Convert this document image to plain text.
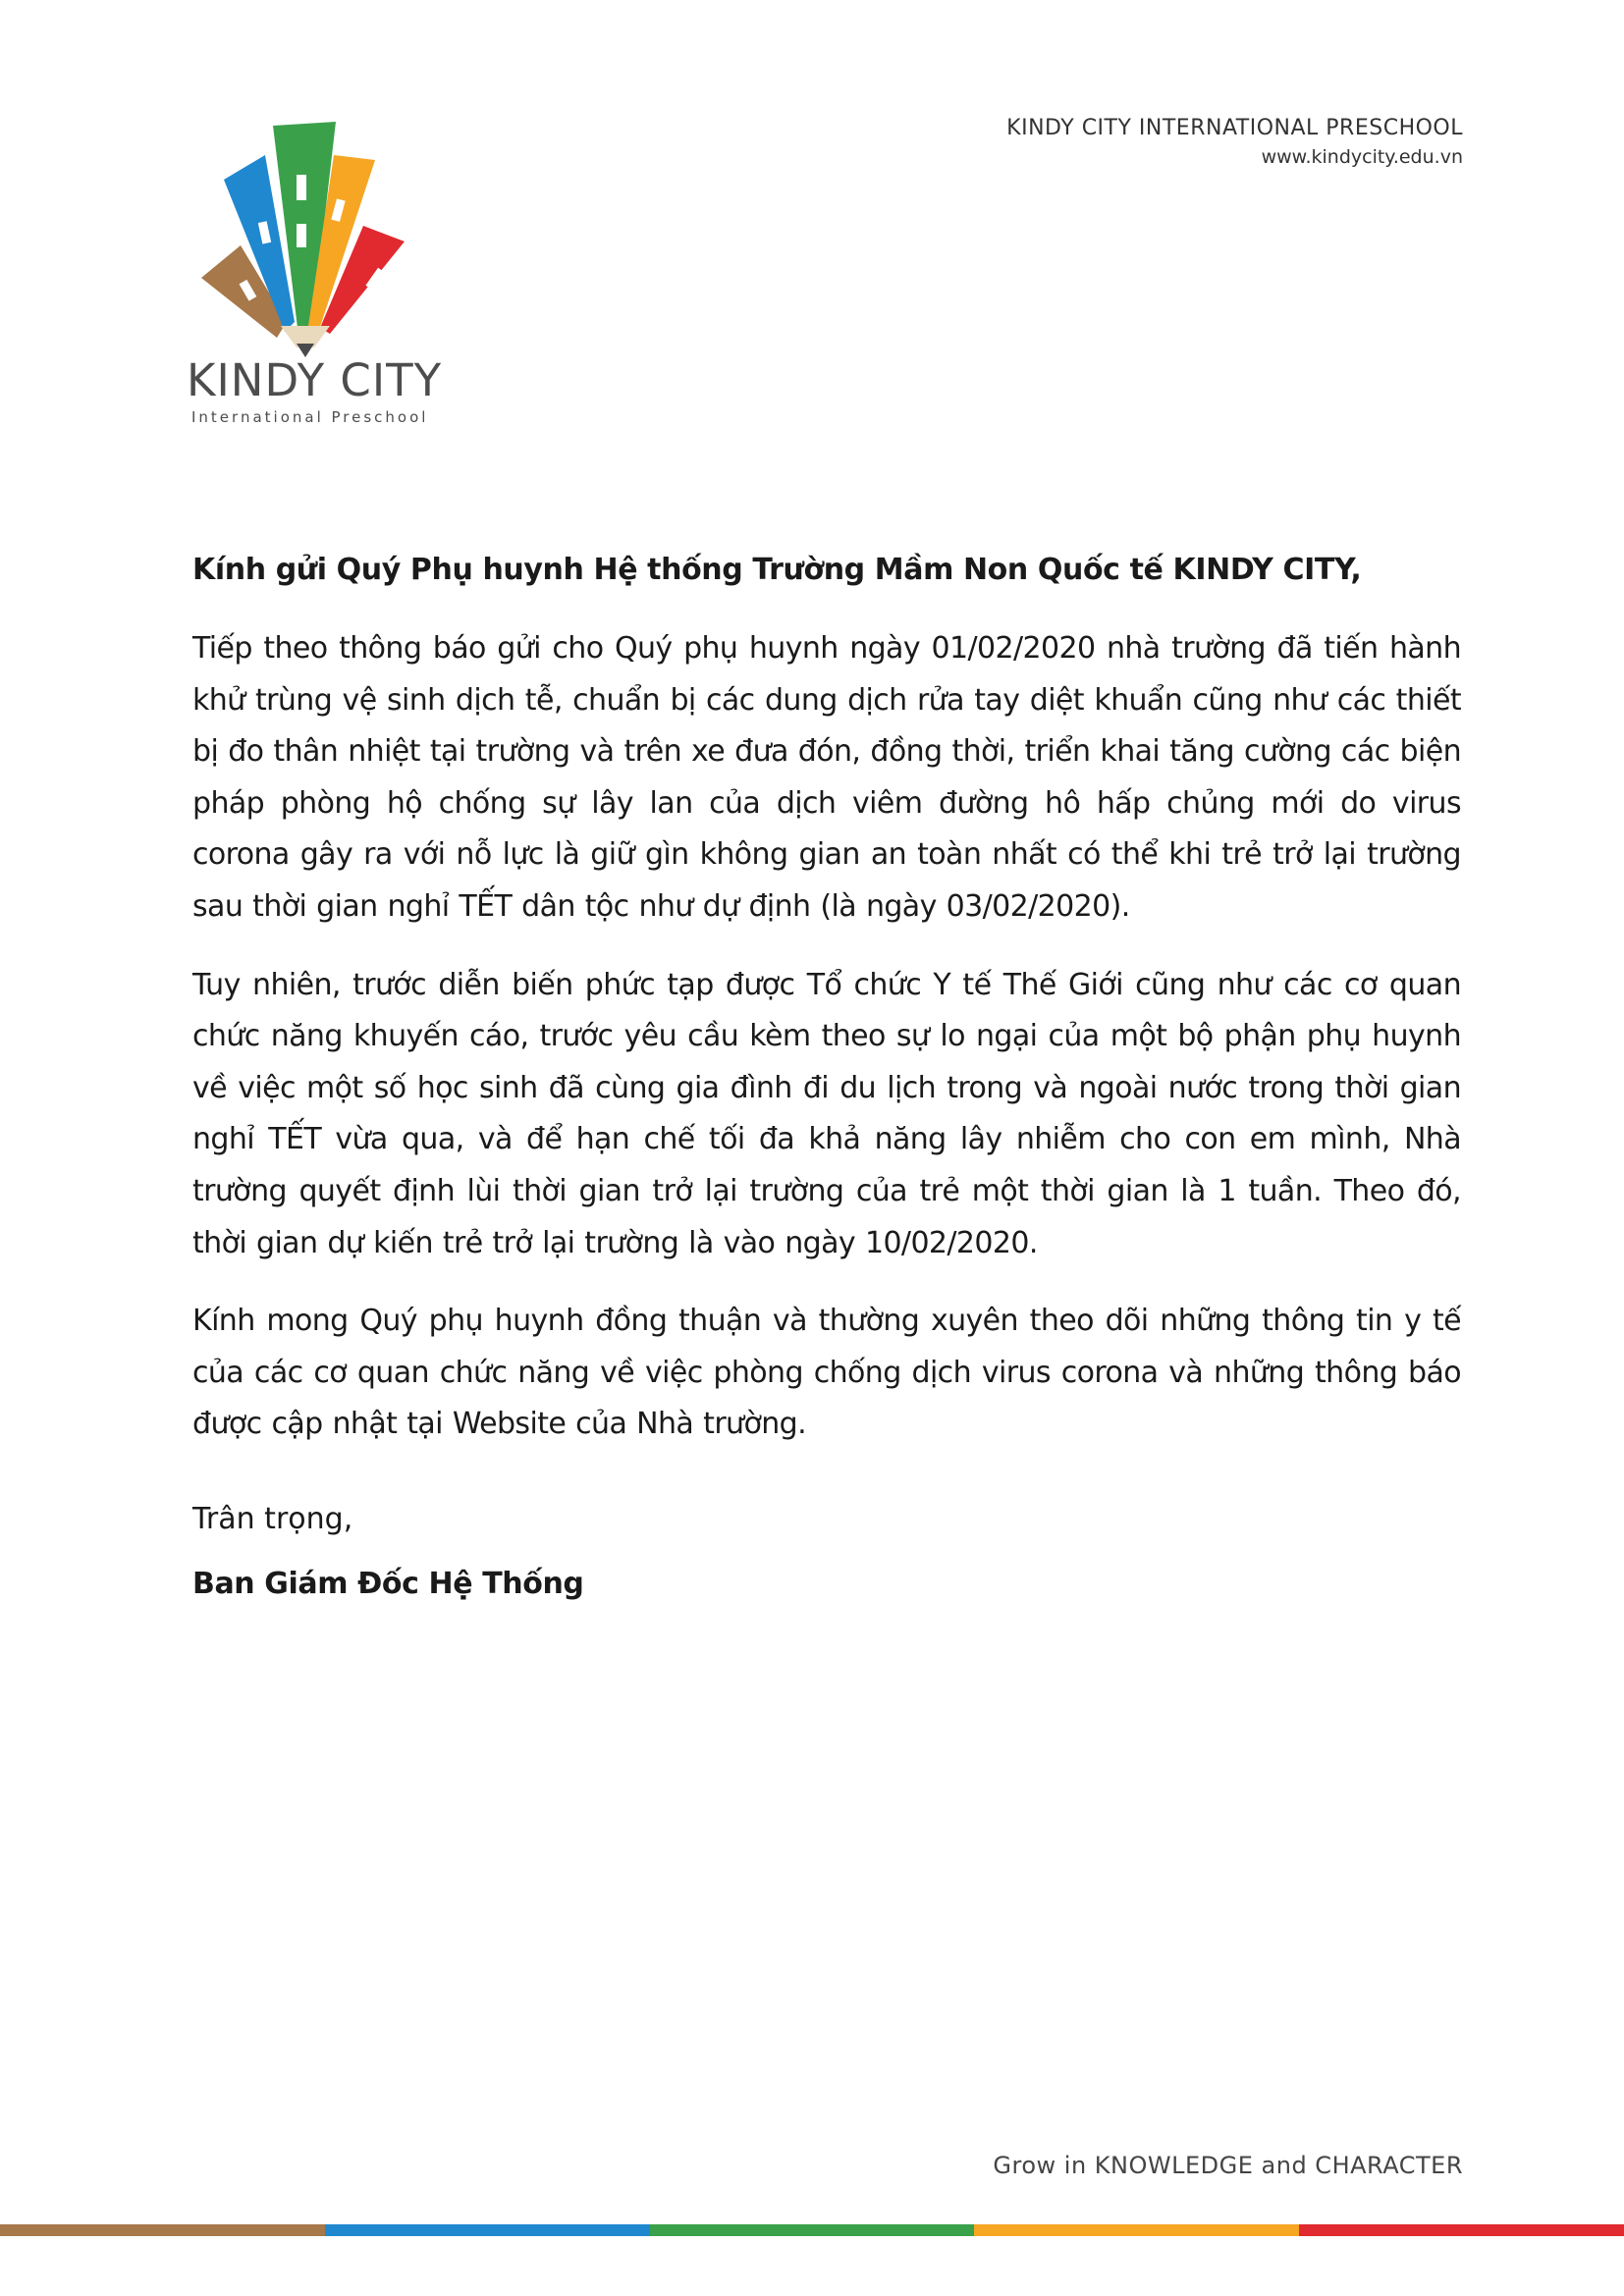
KINDY CITY
International Preschool
KINDY CITY INTERNATIONAL PRESCHOOL
www.kindycity.edu.vn
Kính gửi Quý Phụ huynh Hệ thống Trường Mầm Non Quốc tế KINDY CITY,

Tiếp theo thông báo gửi cho Quý phụ huynh ngày 01/02/2020 nhà trường đã tiến hành khử trùng vệ sinh dịch tễ, chuẩn bị các dung dịch rửa tay diệt khuẩn cũng như các thiết bị đo thân nhiệt tại trường và trên xe đưa đón, đồng thời, triển khai tăng cường các biện pháp phòng hộ chống sự lây lan của dịch viêm đường hô hấp chủng mới do virus corona gây ra với nỗ lực là giữ gìn không gian an toàn nhất có thể khi trẻ trở lại trường sau thời gian nghỉ TẾT dân tộc như dự định (là ngày 03/02/2020).

Tuy nhiên, trước diễn biến phức tạp được Tổ chức Y tế Thế Giới cũng như các cơ quan chức năng khuyến cáo, trước yêu cầu kèm theo sự lo ngại của một bộ phận phụ huynh về việc một số học sinh đã cùng gia đình đi du lịch trong và ngoài nước trong thời gian nghỉ TẾT vừa qua, và để hạn chế tối đa khả năng lây nhiễm cho con em mình, Nhà trường quyết định lùi thời gian trở lại trường của trẻ một thời gian là 1 tuần. Theo đó, thời gian dự kiến trẻ trở lại trường là vào ngày 10/02/2020.

Kính mong Quý phụ huynh đồng thuận và thường xuyên theo dõi những thông tin y tế của các cơ quan chức năng về việc phòng chống dịch virus corona và những thông báo được cập nhật tại Website của Nhà trường.

Trân trọng,
Ban Giám Đốc Hệ Thống
Grow in KNOWLEDGE and CHARACTER
